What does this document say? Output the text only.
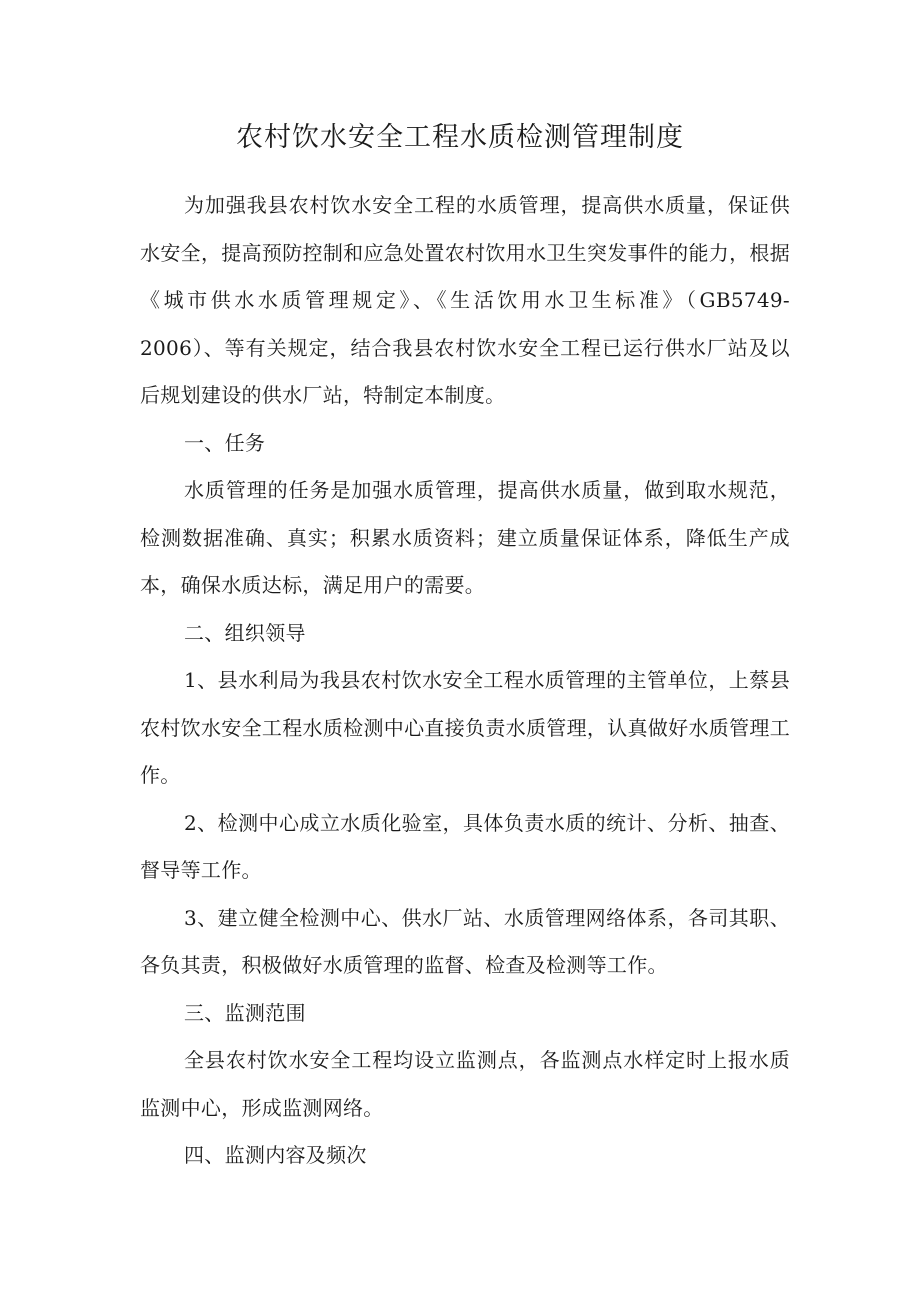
农村饮水安全工程水质检测管理制度

为加强我县农村饮水安全工程的水质管理，提高供水质量，保证供水安全，提高预防控制和应急处置农村饮用水卫生突发事件的能力，根据《城市供水水质管理规定》、《生活饮用水卫生标准》（GB5749-2006）、等有关规定，结合我县农村饮水安全工程已运行供水厂站及以后规划建设的供水厂站，特制定本制度。

一、任务

水质管理的任务是加强水质管理，提高供水质量，做到取水规范，检测数据准确、真实；积累水质资料；建立质量保证体系，降低生产成本，确保水质达标，满足用户的需要。

二、组织领导

1、县水利局为我县农村饮水安全工程水质管理的主管单位，上蔡县农村饮水安全工程水质检测中心直接负责水质管理，认真做好水质管理工作。

2、检测中心成立水质化验室，具体负责水质的统计、分析、抽查、督导等工作。

3、建立健全检测中心、供水厂站、水质管理网络体系，各司其职、各负其责，积极做好水质管理的监督、检查及检测等工作。

三、监测范围

全县农村饮水安全工程均设立监测点，各监测点水样定时上报水质监测中心，形成监测网络。

四、监测内容及频次
